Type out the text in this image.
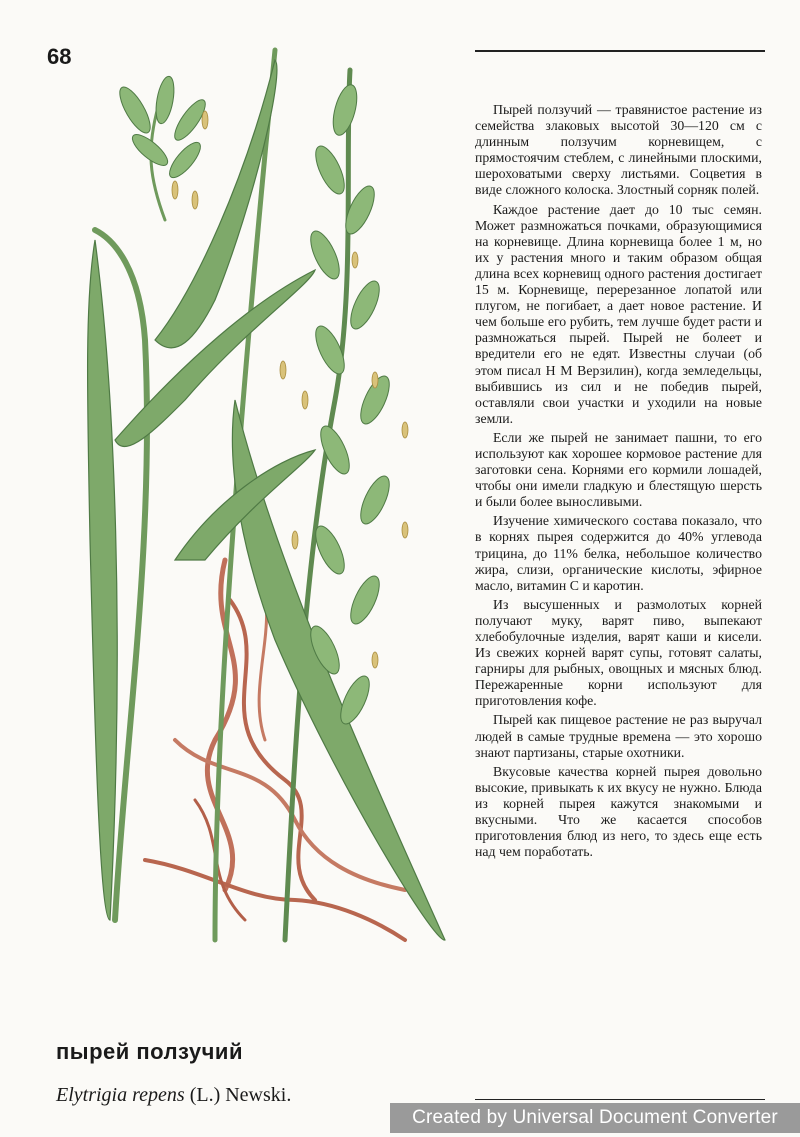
68

Пырей ползучий — травянистое растение из семейства злаковых высотой 30—120 см с длинным ползучим корневищем, с прямостоячим стеблем, с линейными плоскими, шероховатыми сверху листьями. Соцветия в виде сложного колоска. Злостный сорняк полей.

Каждое растение дает до 10 тыс семян. Может размножаться почками, образующимися на корневище. Длина корневища более 1 м, но их у растения много и таким образом общая длина всех корневищ одного растения достигает 15 м. Корневище, перерезанное лопатой или плугом, не погибает, а дает новое растение. И чем больше его рубить, тем лучше будет расти и размножаться пырей. Пырей не болеет и вредители его не едят. Известны случаи (об этом писал Н М Верзилин), когда земледельцы, выбившись из сил и не победив пырей, оставляли свои участки и уходили на новые земли.

Если же пырей не занимает пашни, то его используют как хорошее кормовое растение для заготовки сена. Корнями его кормили лошадей, чтобы они имели гладкую и блестящую шерсть и были более выносливыми.

Изучение химического состава показало, что в корнях пырея содержится до 40% углевода трицина, до 11% белка, небольшое количество жира, слизи, органические кислоты, эфирное масло, витамин С и каротин.

Из высушенных и размолотых корней получают муку, варят пиво, выпекают хлебобулочные изделия, варят каши и кисели. Из свежих корней варят супы, готовят салаты, гарниры для рыбных, овощных и мясных блюд. Пережаренные корни используют для приготовления кофе.

Пырей как пищевое растение не раз выручал людей в самые трудные времена — это хорошо знают партизаны, старые охотники.

Вкусовые качества корней пырея довольно высокие, привыкать к их вкусу не нужно. Блюда из корней пырея кажутся знакомыми и вкусными. Что же касается способов приготовления блюд из него, то здесь еще есть над чем поработать.

пырей ползучий
Elytrigia repens (L.) Newski.
Created by Universal Document Converter
